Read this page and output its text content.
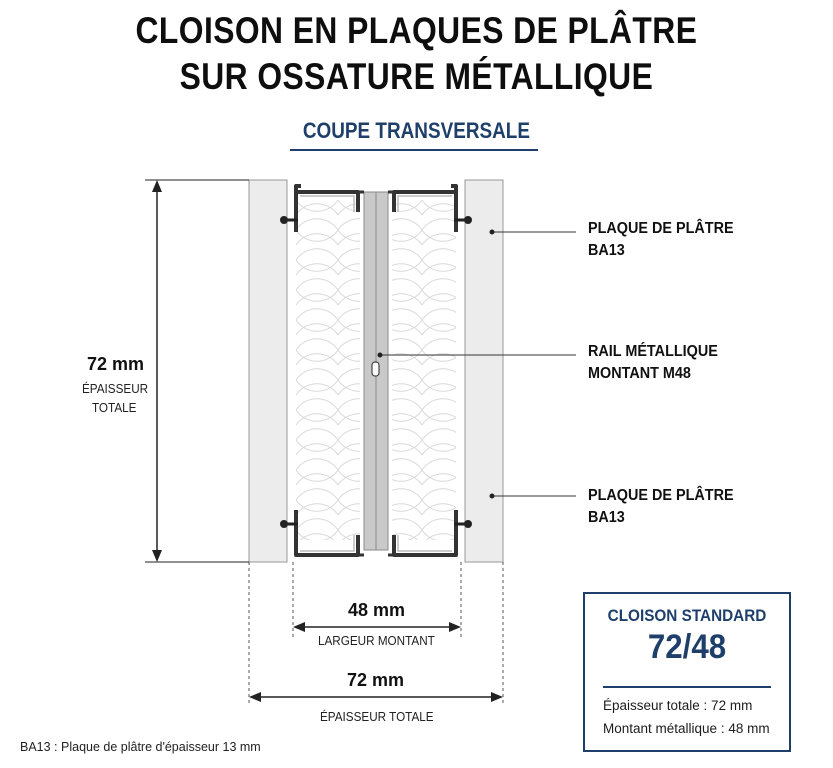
CLOISON EN PLAQUES DE PLÂTRE
SUR OSSATURE MÉTALLIQUE
COUPE TRANSVERSALE
72 mm
ÉPAISSEUR
TOTALE
PLAQUE DE PLÂTRE
BA13
RAIL MÉTALLIQUE
MONTANT M48
PLAQUE DE PLÂTRE
BA13
48 mm
LARGEUR MONTANT
72 mm
ÉPAISSEUR TOTALE
CLOISON STANDARD
72/48
Épaisseur totale : 72 mm
Montant métallique : 48 mm
BA13 : Plaque de plâtre d'épaisseur 13 mm
